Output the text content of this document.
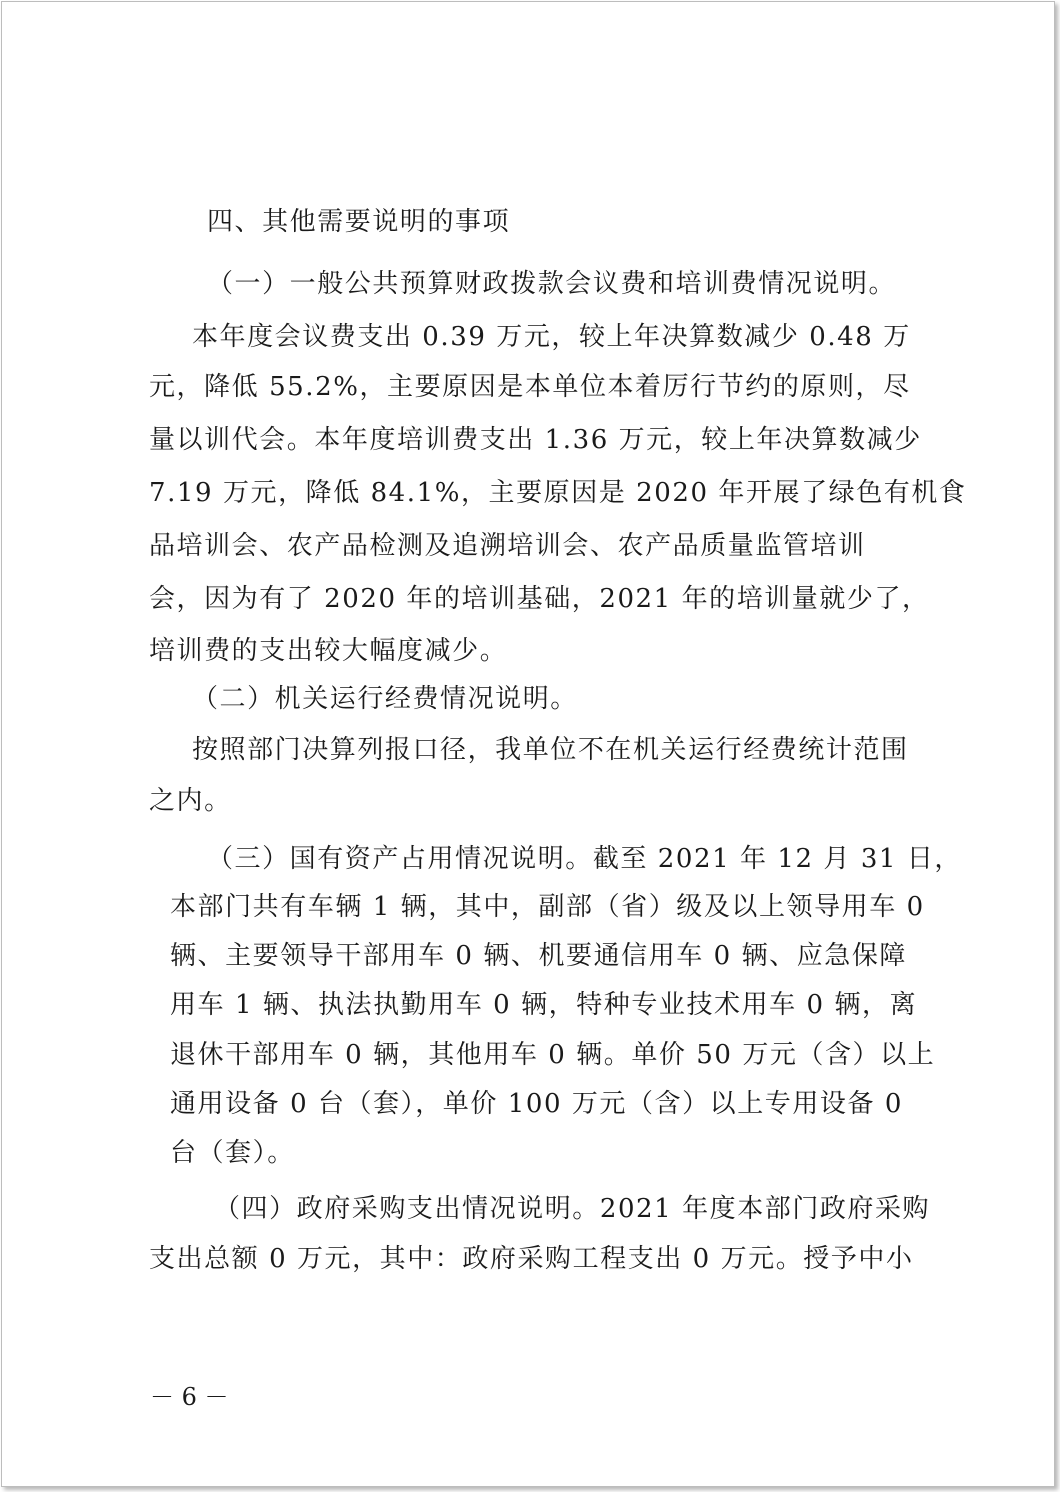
四、其他需要说明的事项
（一）一般公共预算财政拨款会议费和培训费情况说明。
本年度会议费支出 0.39 万元，较上年决算数减少 0.48 万
元，降低 55.2%，主要原因是本单位本着厉行节约的原则，尽
量以训代会。本年度培训费支出 1.36 万元，较上年决算数减少
7.19 万元，降低 84.1%，主要原因是 2020 年开展了绿色有机食
品培训会、农产品检测及追溯培训会、农产品质量监管培训
会，因为有了 2020 年的培训基础，2021 年的培训量就少了，
培训费的支出较大幅度减少。
（二）机关运行经费情况说明。
按照部门决算列报口径，我单位不在机关运行经费统计范围
之内。
（三）国有资产占用情况说明。截至 2021 年 12 月 31 日，
本部门共有车辆 1 辆，其中，副部（省）级及以上领导用车 0
辆、主要领导干部用车 0 辆、机要通信用车 0 辆、应急保障
用车 1 辆、执法执勤用车 0 辆，特种专业技术用车 0 辆，离
退休干部用车 0 辆，其他用车 0 辆。单价 50 万元（含）以上
通用设备 0 台（套），单价 100 万元（含）以上专用设备 0
台（套）。
（四）政府采购支出情况说明。2021 年度本部门政府采购
支出总额 0 万元，其中：政府采购工程支出 0 万元。授予中小
－ 6 －
